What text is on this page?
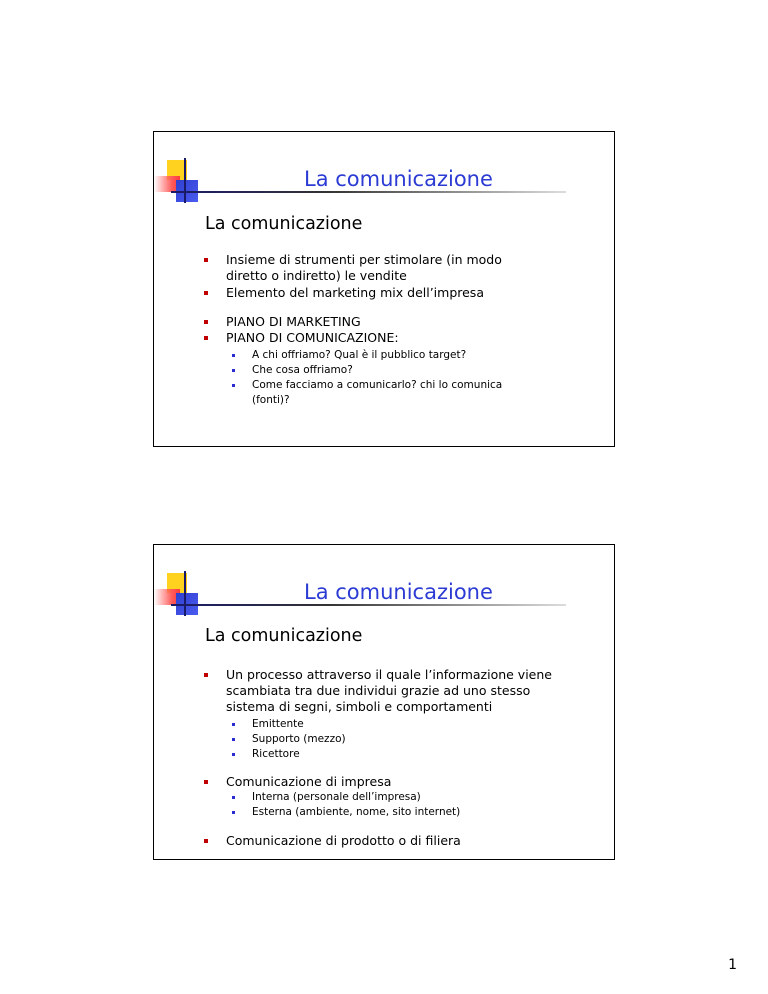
La comunicazione
La comunicazione
Insieme di strumenti per stimolare (in modo diretto o indiretto) le vendite
Elemento del marketing mix dell’impresa
PIANO DI MARKETING
PIANO DI COMUNICAZIONE:
A chi offriamo? Qual è il pubblico target?
Che cosa offriamo?
Come facciamo a comunicarlo? chi lo comunica (fonti)?
La comunicazione
La comunicazione
Un processo attraverso il quale l’informazione viene scambiata tra due individui grazie ad uno stesso sistema di segni, simboli e comportamenti
Emittente
Supporto (mezzo)
Ricettore
Comunicazione di impresa
Interna (personale dell’impresa)
Esterna (ambiente, nome, sito internet)
Comunicazione di prodotto o di filiera
1
